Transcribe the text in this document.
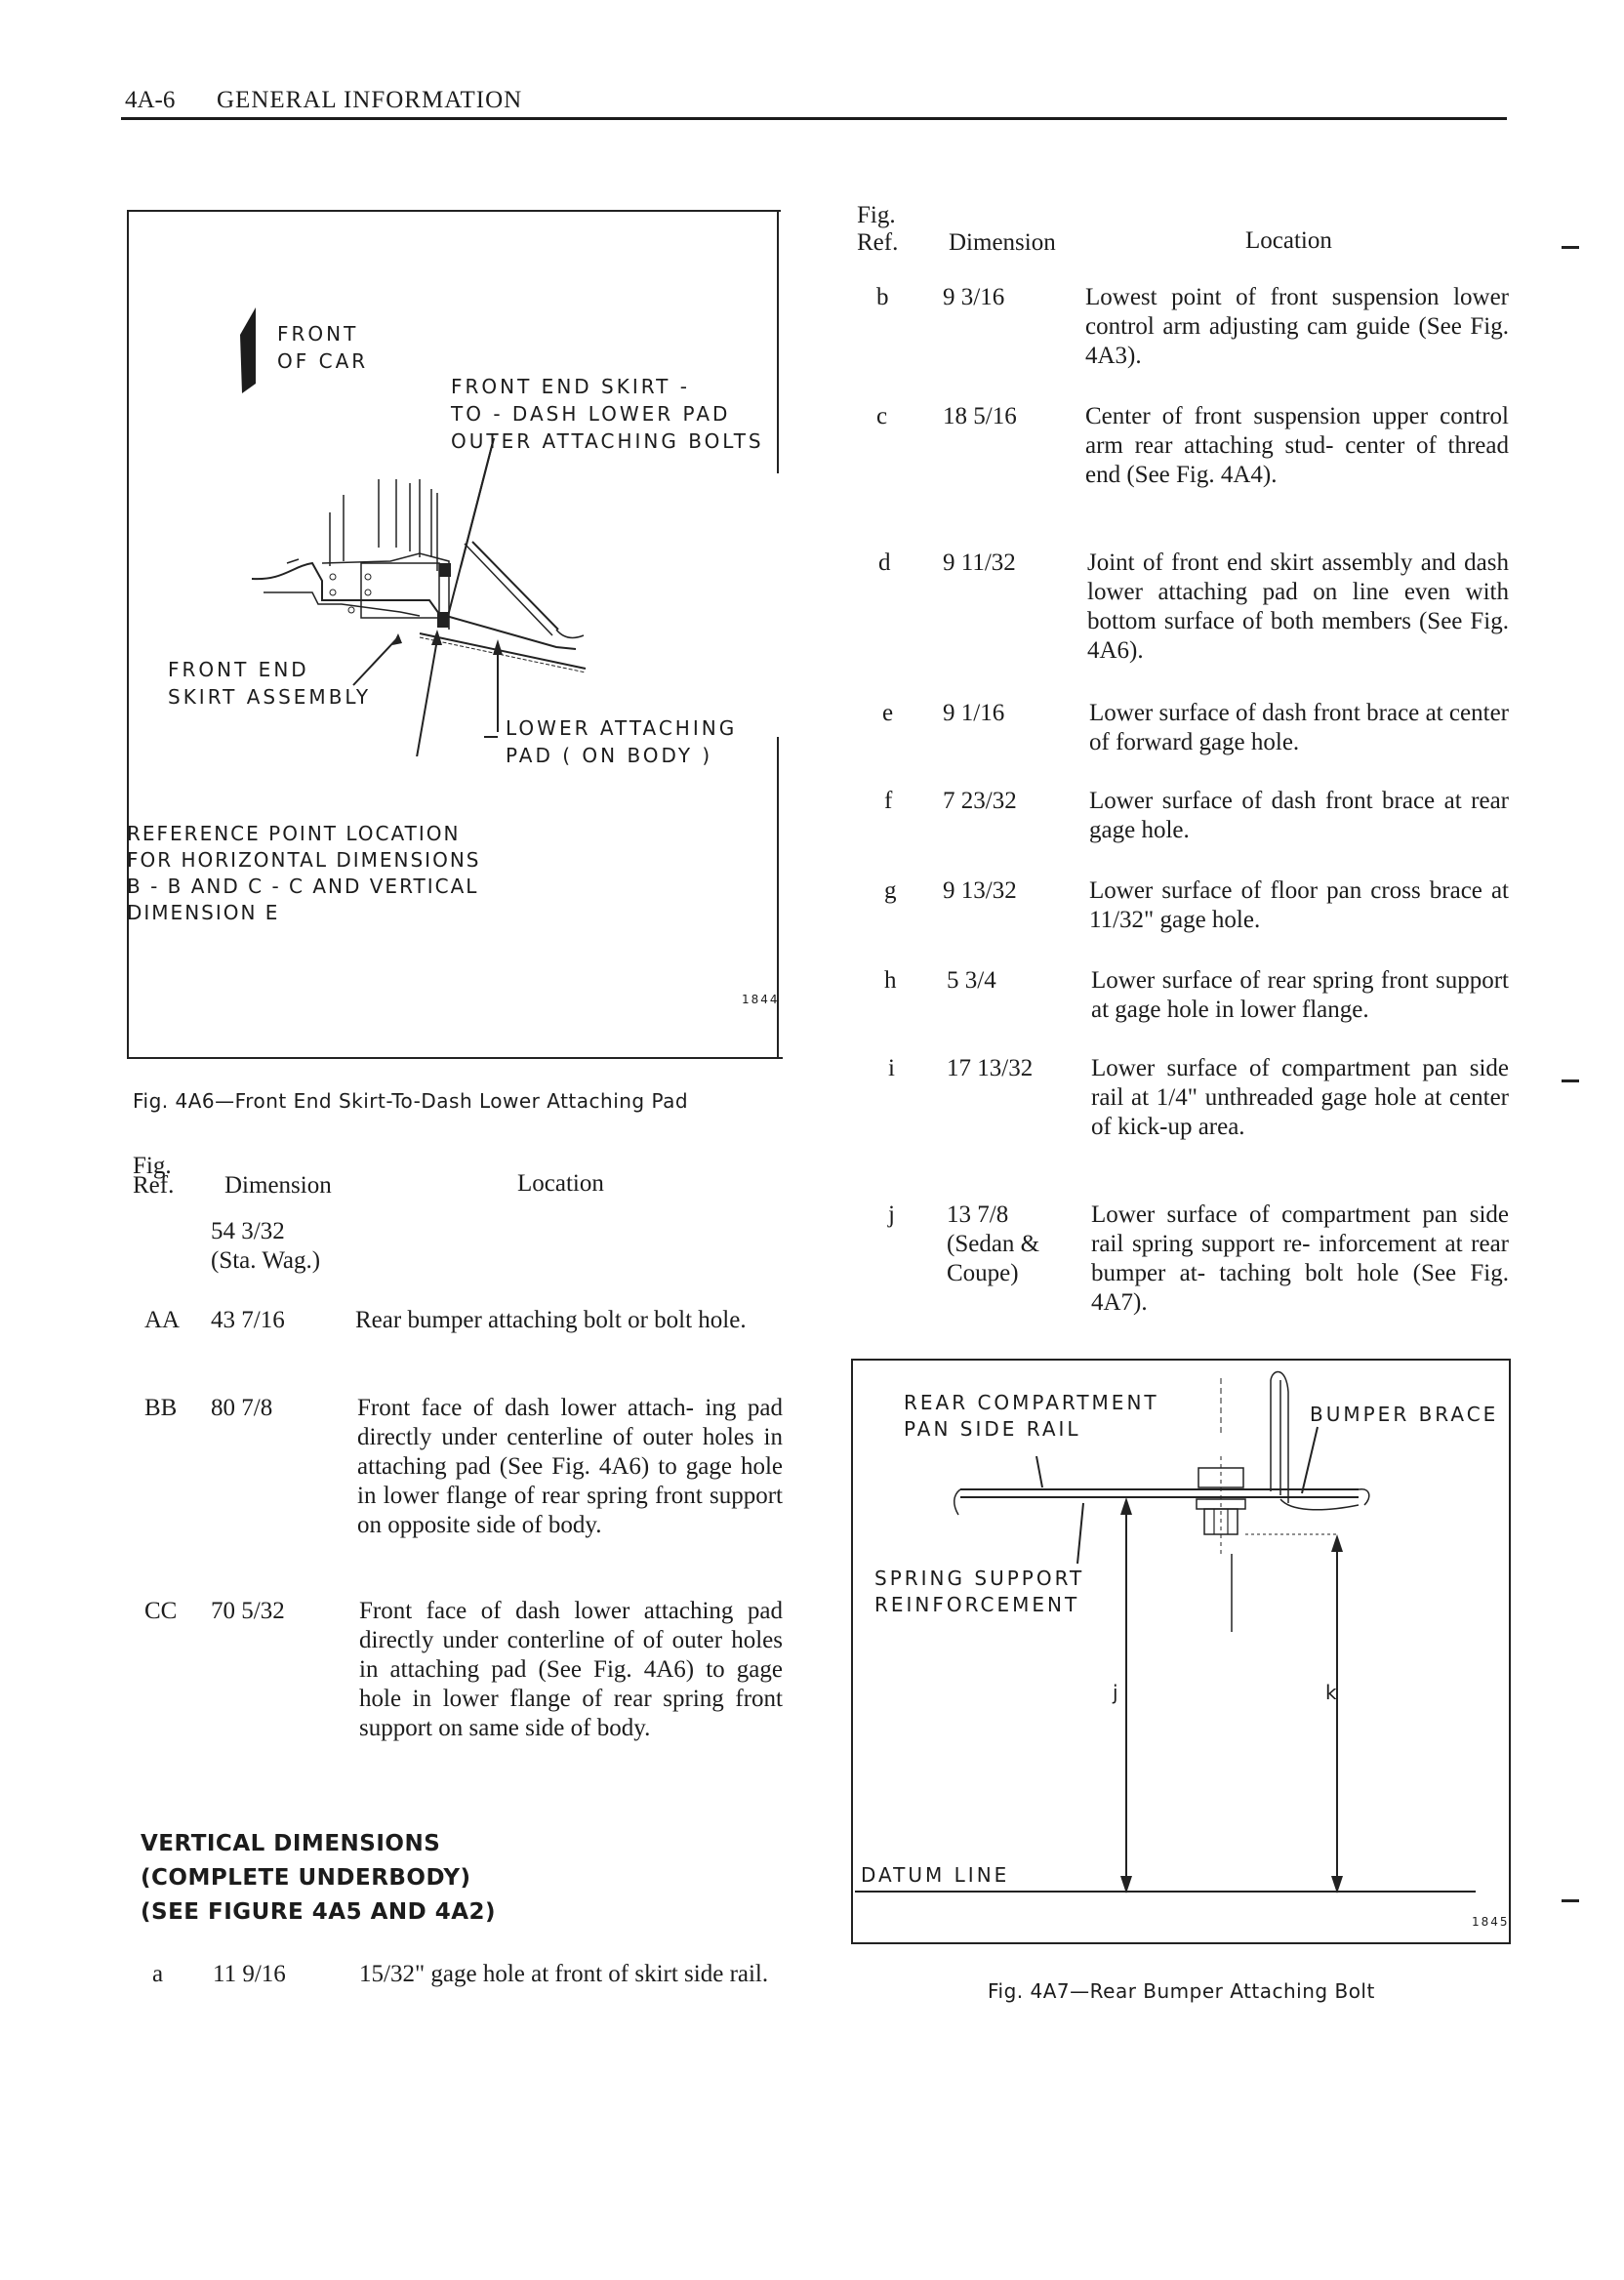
4A-6 GENERAL INFORMATION
FRONT
OF CAR
FRONT END SKIRT -
TO - DASH LOWER PAD
OUTER ATTACHING BOLTS
FRONT END
SKIRT ASSEMBLY
LOWER ATTACHING
PAD ( ON BODY )
REFERENCE POINT LOCATION
FOR HORIZONTAL DIMENSIONS
B - B AND C - C AND VERTICAL
DIMENSION E
1844
Fig. 4A6—Front End Skirt-To-Dash Lower Attaching Pad
Fig.
Ref. Dimension	Location
54 3/32
(Sta. Wag.)
AA 43 7/16	Rear bumper attaching bolt or bolt hole.
BB 80 7/8	Front face of dash lower attach- ing pad directly under centerline of outer holes in attaching pad (See Fig. 4A6) to gage hole in lower flange of rear spring front support on opposite side of body.
CC 70 5/32	Front face of dash lower attaching pad directly under conterline of of outer holes in attaching pad (See Fig. 4A6) to gage hole in lower flange of rear spring front support on same side of body.
VERTICAL DIMENSIONS
(COMPLETE UNDERBODY)
(SEE FIGURE 4A5 AND 4A2)
a 11 9/16	15/32" gage hole at front of skirt side rail.
Fig.
Ref. Dimension	Location
b 9 3/16	Lowest point of front suspension lower control arm adjusting cam guide (See Fig. 4A3).
c 18 5/16	Center of front suspension upper control arm rear attaching stud- center of thread end (See Fig. 4A4).
d 9 11/32	Joint of front end skirt assembly and dash lower attaching pad on line even with bottom surface of both members (See Fig. 4A6).
e 9 1/16	Lower surface of dash front brace at center of forward gage hole.
f 7 23/32	Lower surface of dash front brace at rear gage hole.
g 9 13/32	Lower surface of floor pan cross brace at 11/32" gage hole.
h 5 3/4	Lower surface of rear spring front support at gage hole in lower flange.
i 17 13/32 Lower surface of compartment pan side rail at 1/4" unthreaded gage hole at center of kick-up area.
j 13 7/8
(Sedan &
Coupe)
Lower surface of compartment pan side rail spring support re- inforcement at rear bumper at- taching bolt hole (See Fig. 4A7).
REAR COMPARTMENT
PAN SIDE RAIL
BUMPER BRACE
SPRING SUPPORT
REINFORCEMENT
j	k
DATUM LINE
1845
Fig. 4A7—Rear Bumper Attaching Bolt
